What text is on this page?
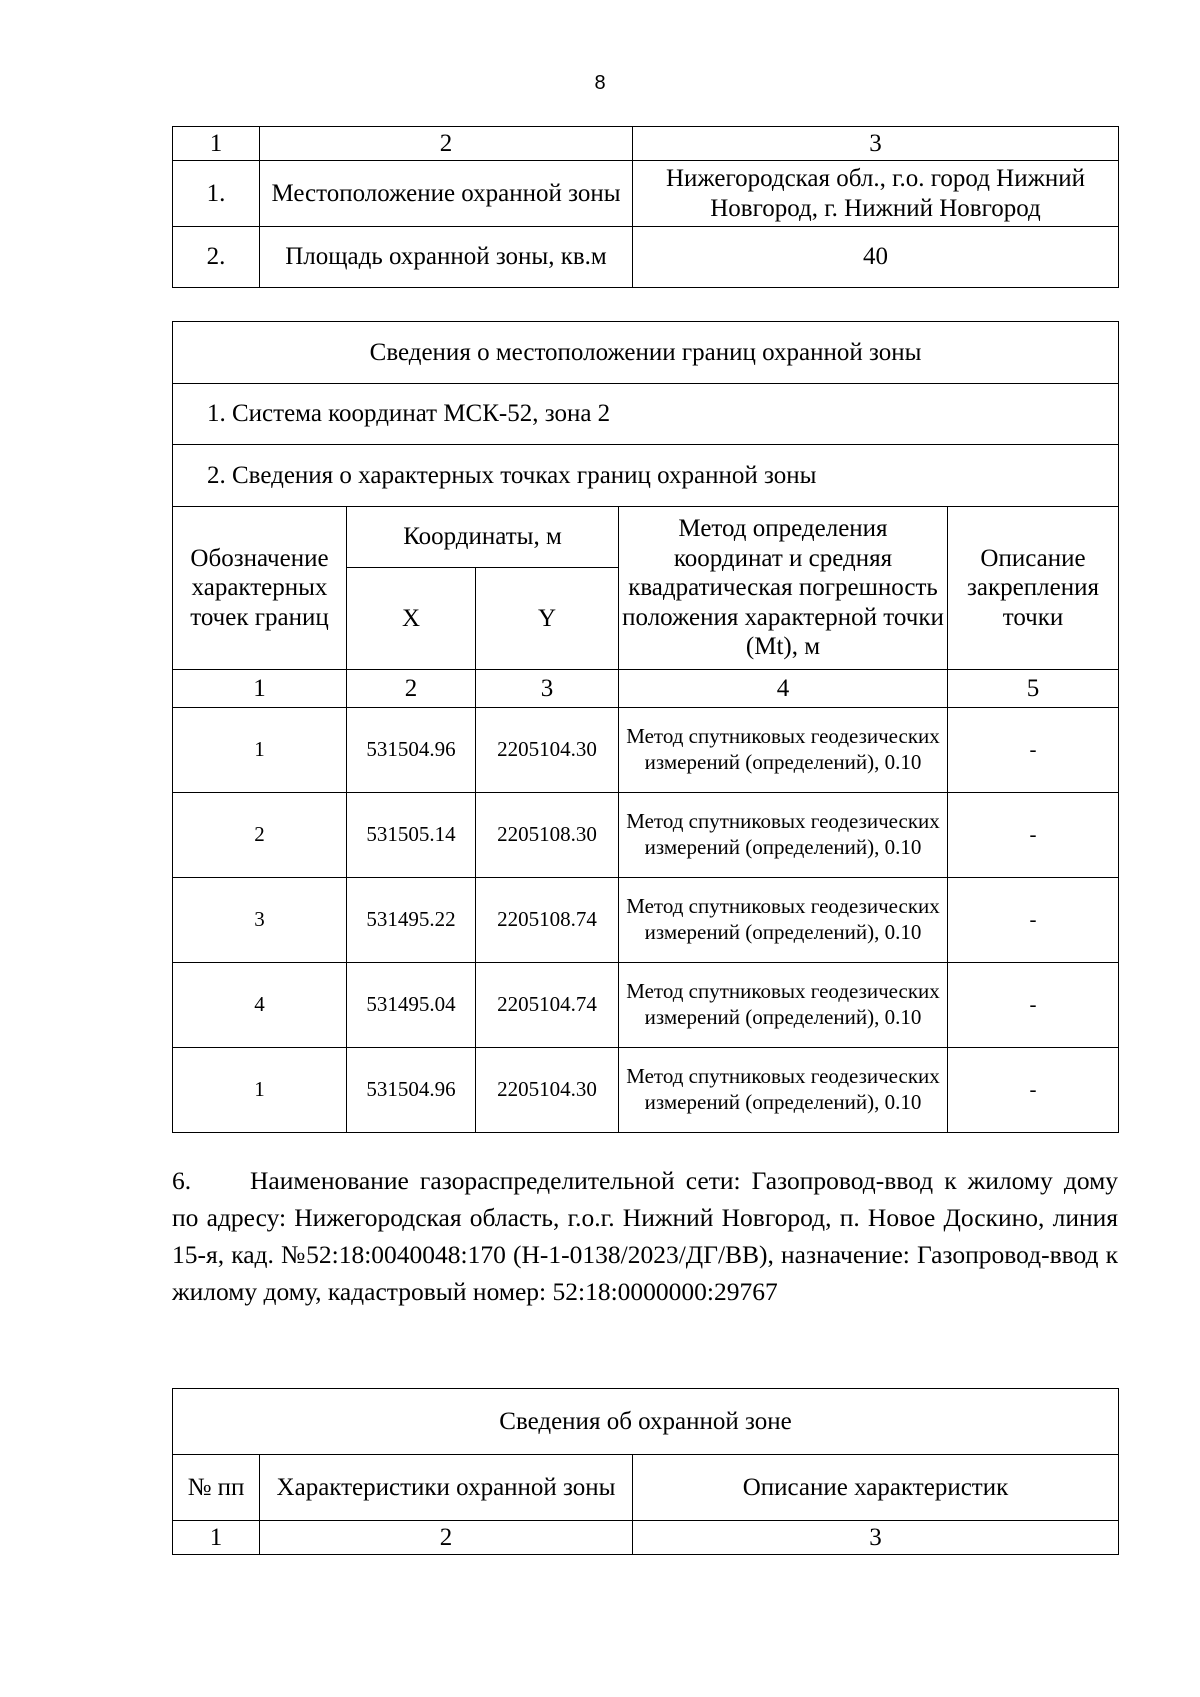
8
1	2	3
1.	Местоположение охранной зоны	Нижегородская обл., г.о. город Нижний Новгород, г. Нижний Новгород
2.	Площадь охранной зоны, кв.м	40
Сведения о местоположении границ охранной зоны				
1. Система координат МСК-52, зона 2				
2. Сведения о характерных точках границ охранной зоны				
Обозначение характерных точек границ	Координаты, м		Метод определения координат и средняя квадратическая погрешность положения характерной точки (Mt), м	Описание закрепления точки
	X	Y		
1	2	3	4	5
1	531504.96	2205104.30	Метод спутниковых геодезических измерений (определений), 0.10	-
2	531505.14	2205108.30	Метод спутниковых геодезических измерений (определений), 0.10	-
3	531495.22	2205108.74	Метод спутниковых геодезических измерений (определений), 0.10	-
4	531495.04	2205104.74	Метод спутниковых геодезических измерений (определений), 0.10	-
1	531504.96	2205104.30	Метод спутниковых геодезических измерений (определений), 0.10	-
6. Наименование газораспределительной сети: Газопровод-ввод к жилому дому по адресу: Нижегородская область, г.о.г. Нижний Новгород, п. Новое Доскино, линия 15-я, кад. №52:18:0040048:170 (Н-1-0138/2023/ДГ/ВВ), назначение: Газопровод-ввод к жилому дому, кадастровый номер: 52:18:0000000:29767
Сведения об охранной зоне		
№ пп	Характеристики охранной зоны	Описание характеристик
1	2	3
